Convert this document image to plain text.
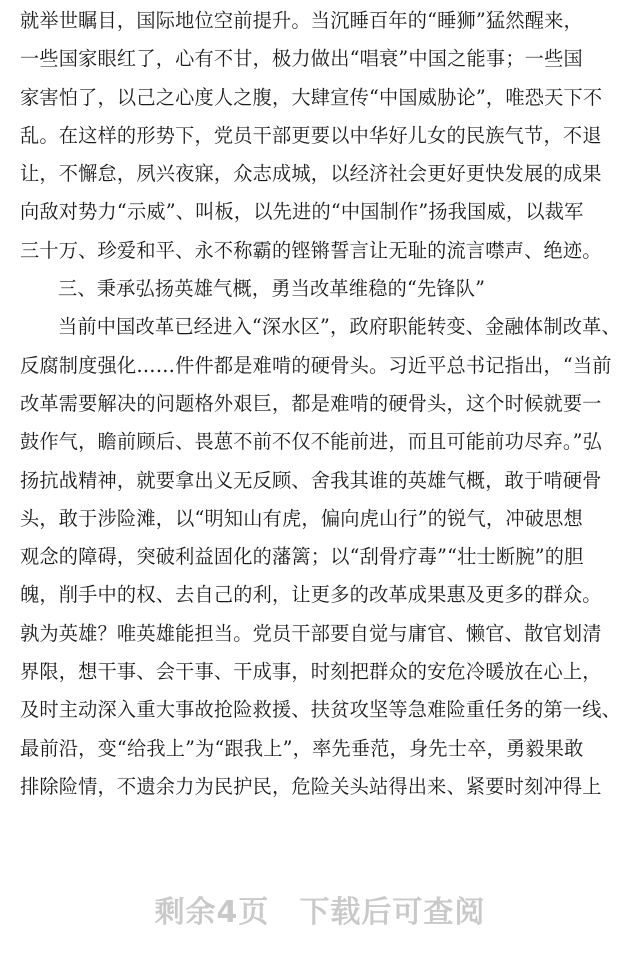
就举世瞩目，国际地位空前提升。当沉睡百年的“睡狮”猛然醒来，
一些国家眼红了，心有不甘，极力做出“唱衰”中国之能事；一些国
家害怕了，以己之心度人之腹，大肆宣传“中国威胁论”，唯恐天下不
乱。在这样的形势下，党员干部更要以中华好儿女的民族气节，不退
让，不懈怠，夙兴夜寐，众志成城，以经济社会更好更快发展的成果
向敌对势力“示威”、叫板，以先进的“中国制作”扬我国威，以裁军
三十万、珍爱和平、永不称霸的铿锵誓言让无耻的流言噤声、绝迹。
三、秉承弘扬英雄气概，勇当改革维稳的“先锋队”
当前中国改革已经进入“深水区”，政府职能转变、金融体制改革、
反腐制度强化……件件都是难啃的硬骨头。习近平总书记指出，“当前
改革需要解决的问题格外艰巨，都是难啃的硬骨头，这个时候就要一
鼓作气，瞻前顾后、畏葸不前不仅不能前进，而且可能前功尽弃。”弘
扬抗战精神，就要拿出义无反顾、舍我其谁的英雄气概，敢于啃硬骨
头，敢于涉险滩，以“明知山有虎，偏向虎山行”的锐气，冲破思想
观念的障碍，突破利益固化的藩篱；以“刮骨疗毒”“壮士断腕”的胆
魄，削手中的权、去自己的利，让更多的改革成果惠及更多的群众。
孰为英雄？唯英雄能担当。党员干部要自觉与庸官、懒官、散官划清
界限，想干事、会干事、干成事，时刻把群众的安危冷暖放在心上，
及时主动深入重大事故抢险救援、扶贫攻坚等急难险重任务的第一线、
最前沿，变“给我上”为“跟我上”，率先垂范，身先士卒，勇毅果敢
排除险情，不遗余力为民护民，危险关头站得出来、紧要时刻冲得上
剩余4页 下载后可查阅
